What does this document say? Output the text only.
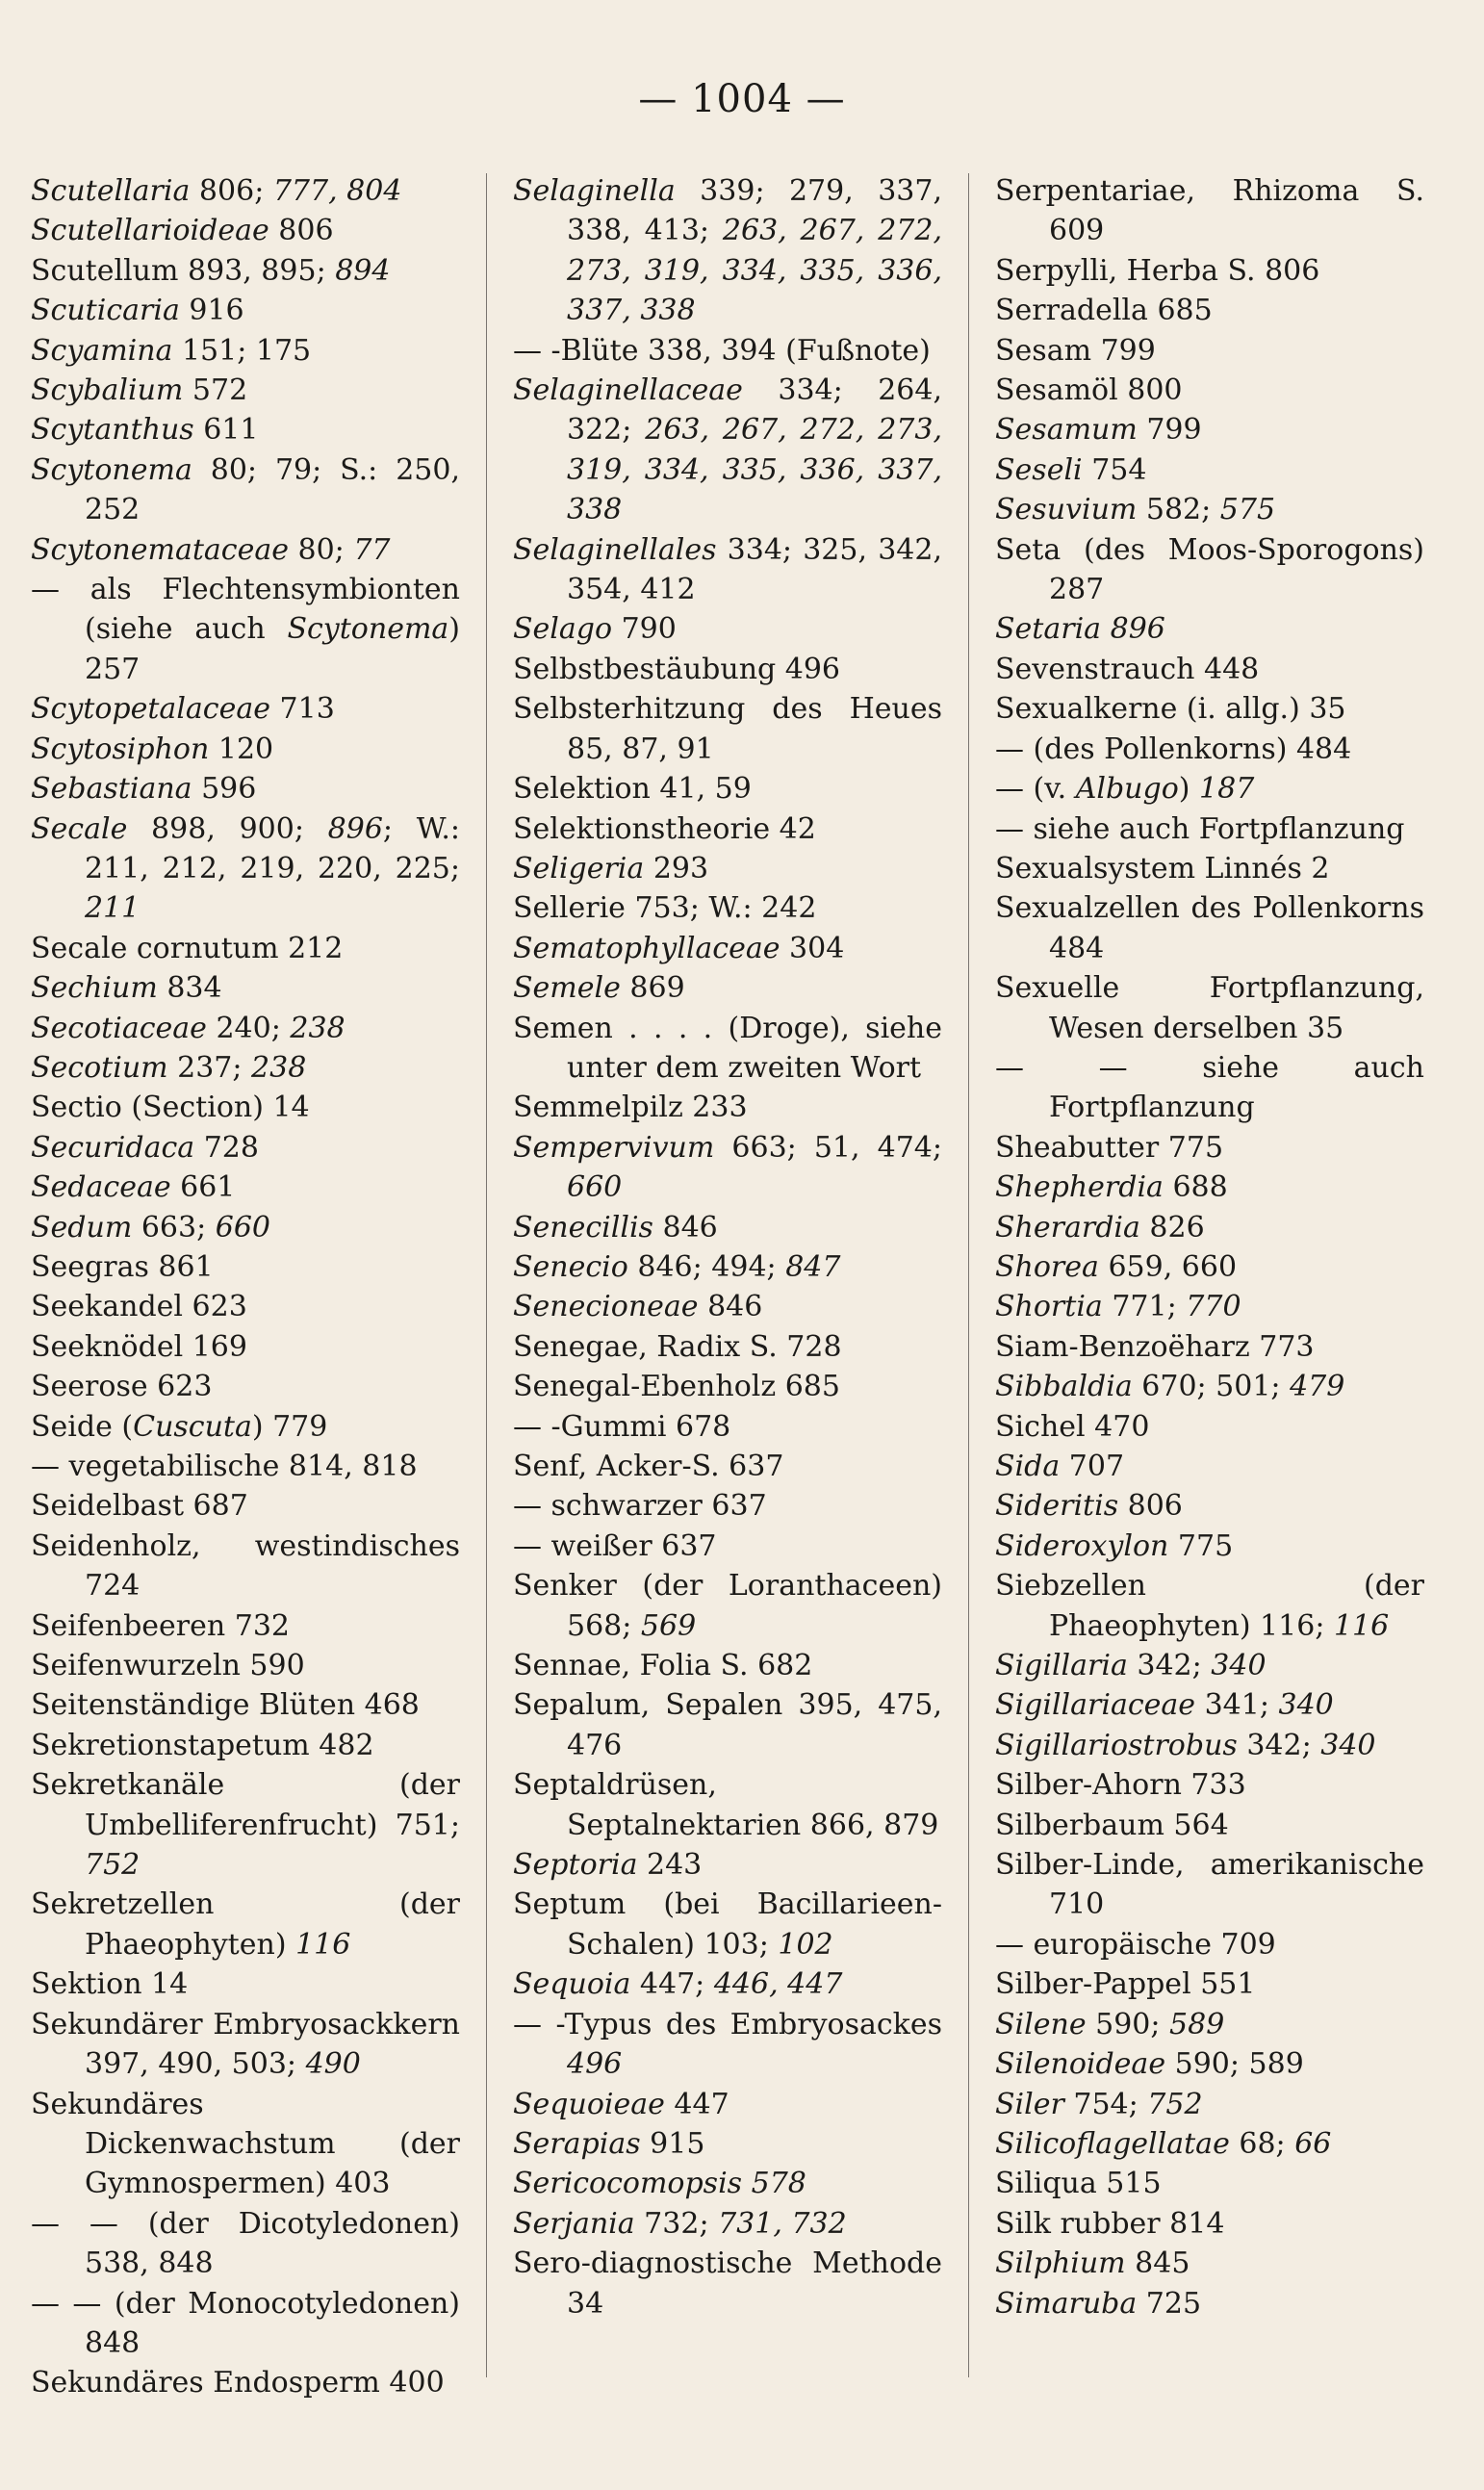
— 1004 —
Scutellaria 806; 777, 804
Scutellarioideae 806
Scutellum 893, 895; 894
Scuticaria 916
Scyamina 151; 175
Scybalium 572
Scytanthus 611
Scytonema 80; 79; S.: 250, 252
Scytonemataceae 80; 77
— als Flechtensymbionten (siehe auch Scytonema) 257
Scytopetalaceae 713
Scytosiphon 120
Sebastiana 596
Secale 898, 900; 896; W.: 211, 212, 219, 220, 225; 211
Secale cornutum 212
Sechium 834
Secotiaceae 240; 238
Secotium 237; 238
Sectio (Section) 14
Securidaca 728
Sedaceae 661
Sedum 663; 660
Seegras 861
Seekandel 623
Seeknödel 169
Seerose 623
Seide (Cuscuta) 779
— vegetabilische 814, 818
Seidelbast 687
Seidenholz, westindisches 724
Seifenbeeren 732
Seifenwurzeln 590
Seitenständige Blüten 468
Sekretionstapetum 482
Sekretkanäle (der Umbelliferenfrucht) 751; 752
Sekretzellen (der Phaeophyten) 116
Sektion 14
Sekundärer Embryosackkern 397, 490, 503; 490
Sekundäres Dickenwachstum (der Gymnospermen) 403
— — (der Dicotyledonen) 538, 848
— — (der Monocotyledonen) 848
Sekundäres Endosperm 400
Selaginella 339; 279, 337, 338, 413; 263, 267, 272, 273, 319, 334, 335, 336, 337, 338
— -Blüte 338, 394 (Fußnote)
Selaginellaceae 334; 264, 322; 263, 267, 272, 273, 319, 334, 335, 336, 337, 338
Selaginellales 334; 325, 342, 354, 412
Selago 790
Selbstbestäubung 496
Selbsterhitzung des Heues 85, 87, 91
Selektion 41, 59
Selektionstheorie 42
Seligeria 293
Sellerie 753; W.: 242
Sematophyllaceae 304
Semele 869
Semen . . . . (Droge), siehe unter dem zweiten Wort
Semmelpilz 233
Sempervivum 663; 51, 474; 660
Senecillis 846
Senecio 846; 494; 847
Senecioneae 846
Senegae, Radix S. 728
Senegal-Ebenholz 685
— -Gummi 678
Senf, Acker-S. 637
— schwarzer 637
— weißer 637
Senker (der Loranthaceen) 568; 569
Sennae, Folia S. 682
Sepalum, Sepalen 395, 475, 476
Septaldrüsen, Septalnektarien 866, 879
Septoria 243
Septum (bei Bacillarieen-Schalen) 103; 102
Sequoia 447; 446, 447
— -Typus des Embryosackes 496
Sequoieae 447
Serapias 915
Sericocomopsis 578
Serjania 732; 731, 732
Sero-diagnostische Methode 34
Serpentariae, Rhizoma S. 609
Serpylli, Herba S. 806
Serradella 685
Sesam 799
Sesamöl 800
Sesamum 799
Seseli 754
Sesuvium 582; 575
Seta (des Moos-Sporogons) 287
Setaria 896
Sevenstrauch 448
Sexualkerne (i. allg.) 35
— (des Pollenkorns) 484
— (v. Albugo) 187
— siehe auch Fortpflanzung
Sexualsystem Linnés 2
Sexualzellen des Pollenkorns 484
Sexuelle Fortpflanzung, Wesen derselben 35
— — siehe auch Fortpflanzung
Sheabutter 775
Shepherdia 688
Sherardia 826
Shorea 659, 660
Shortia 771; 770
Siam-Benzoëharz 773
Sibbaldia 670; 501; 479
Sichel 470
Sida 707
Sideritis 806
Sideroxylon 775
Siebzellen (der Phaeophyten) 116; 116
Sigillaria 342; 340
Sigillariaceae 341; 340
Sigillariostrobus 342; 340
Silber-Ahorn 733
Silberbaum 564
Silber-Linde, amerikanische 710
— europäische 709
Silber-Pappel 551
Silene 590; 589
Silenoideae 590; 589
Siler 754; 752
Silicoflagellatae 68; 66
Siliqua 515
Silk rubber 814
Silphium 845
Simaruba 725
